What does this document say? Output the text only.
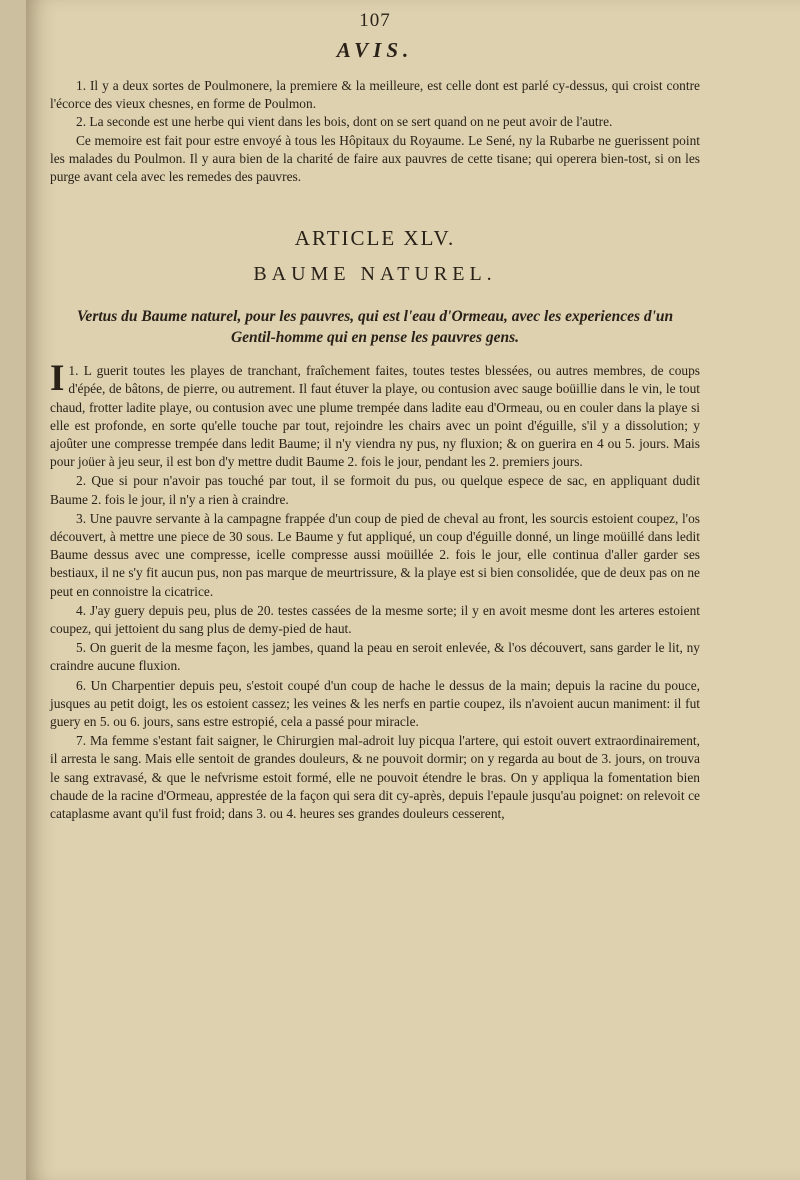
107
AVIS.

1. Il y a deux sortes de Poulmonere, la premiere & la meilleure, est celle dont est parlé cy-dessus, qui croist contre l'écorce des vieux chesnes, en forme de Poulmon.

2. La seconde est une herbe qui vient dans les bois, dont on se sert quand on ne peut avoir de l'autre.

Ce memoire est fait pour estre envoyé à tous les Hôpitaux du Royaume. Le Sené, ny la Rubarbe ne guerissent point les malades du Poulmon. Il y aura bien de la charité de faire aux pauvres de cette tisane; qui operera bien-tost, si on les purge avant cela avec les remedes des pauvres.

ARTICLE XLV.
BAUME NATUREL.
Vertus du Baume naturel, pour les pauvres, qui est l'eau d'Ormeau, avec les experiences d'un Gentil-homme qui en pense les pauvres gens.

1.
I L guerit toutes les playes de tranchant, fraîchement faites, toutes testes blessées, ou autres membres, de coups d'épée, de bâtons, de pierre, ou autrement. Il faut étuver la playe, ou contusion avec sauge boüillie dans le vin, le tout chaud, frotter ladite playe, ou contusion avec une plume trempée dans ladite eau d'Ormeau, ou en couler dans la playe si elle est profonde, en sorte qu'elle touche par tout, rejoindre les chairs avec un point d'éguille, s'il y a dissolution; y ajoûter une compresse trempée dans ledit Baume; il n'y viendra ny pus, ny fluxion; & on guerira en 4 ou 5. jours. Mais pour joüer à jeu seur, il est bon d'y mettre dudit Baume 2. fois le jour, pendant les 2. premiers jours.

2. Que si pour n'avoir pas touché par tout, il se formoit du pus, ou quelque espece de sac, en appliquant dudit Baume 2. fois le jour, il n'y a rien à craindre.

3. Une pauvre servante à la campagne frappée d'un coup de pied de cheval au front, les sourcis estoient coupez, l'os découvert, à mettre une piece de 30 sous. Le Baume y fut appliqué, un coup d'éguille donné, un linge moüillé dans ledit Baume dessus avec une compresse, icelle compresse aussi moüillée 2. fois le jour, elle continua d'aller garder ses bestiaux, il ne s'y fit aucun pus, non pas marque de meurtrissure, & la playe est si bien consolidée, que de deux pas on ne peut en connoistre la cicatrice.

4. J'ay guery depuis peu, plus de 20. testes cassées de la mesme sorte; il y en avoit mesme dont les arteres estoient coupez, qui jettoient du sang plus de demy-pied de haut.

5. On guerit de la mesme façon, les jambes, quand la peau en seroit enlevée, & l'os découvert, sans garder le lit, ny craindre aucune fluxion.

6. Un Charpentier depuis peu, s'estoit coupé d'un coup de hache le dessus de la main; depuis la racine du pouce, jusques au petit doigt, les os estoient cassez; les veines & les nerfs en partie coupez, ils n'avoient aucun maniment: il fut guery en 5. ou 6. jours, sans estre estropié, cela a passé pour miracle.

7. Ma femme s'estant fait saigner, le Chirurgien mal-adroit luy picqua l'artere, qui estoit ouvert extraordinairement, il arresta le sang. Mais elle sentoit de grandes douleurs, & ne pouvoit dormir; on y regarda au bout de 3. jours, on trouva le sang extravasé, & que le nefvrisme estoit formé, elle ne pouvoit étendre le bras. On y appliqua la fomentation bien chaude de la racine d'Ormeau, apprestée de la façon qui sera dit cy-après, depuis l'epaule jusqu'au poignet: on relevoit ce cataplasme avant qu'il fust froid; dans 3. ou 4. heures ses grandes douleurs cesserent,
